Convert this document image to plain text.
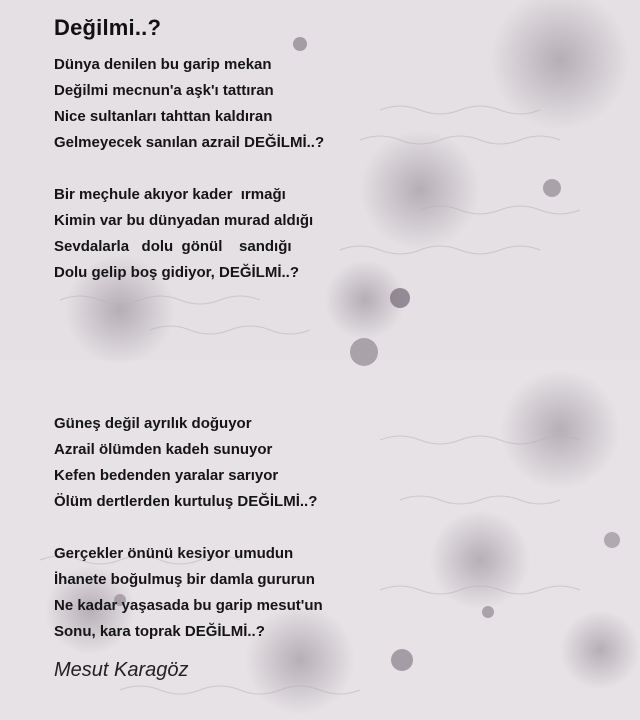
Değilmi..?
Dünya denilen bu garip mekan
Değilmi mecnun'a aşk'ı tattıran
Nice sultanları tahttan kaldıran
Gelmeyecek sanılan azrail DEĞİLMİ..?
Bir meçhule akıyor kader  ırmağı
Kimin var bu dünyadan murad aldığı
Sevdalarla   dolu  gönül    sandığı
Dolu gelip boş gidiyor, DEĞİLMİ..?
Güneş değil ayrılık doğuyor
Azrail ölümden kadeh sunuyor
Kefen bedenden yaralar sarıyor
Ölüm dertlerden kurtuluş DEĞİLMİ..?
Gerçekler önünü kesiyor umudun
İhanete boğulmuş bir damla gururun
Ne kadar yaşasada bu garip mesut'un
Sonu, kara toprak DEĞİLMİ..?
Mesut Karagöz
